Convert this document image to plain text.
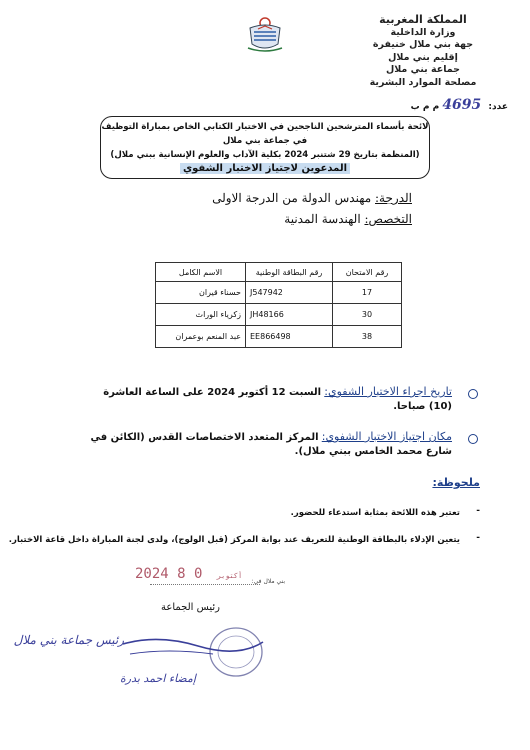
المملكة المغربية
وزارة الداخلية
جهة بني ملال خنيفرة
إقليم بني ملال
جماعة بني ملال
مصلحة الموارد البشرية
عدد: 4695 م م ب
لائحة بأسماء المترشحين الناجحين في الاختبار الكتابي الخاص بمباراة التوظيف في جماعة بني ملال
(المنظمة بتاريخ 29 شتنبر 2024 بكلية الآداب والعلوم الإنسانية ببني ملال)
المدعوين لاجتياز الاختبار الشفوي
الدرجة: مهندس الدولة من الدرجة الاولى
التخصص: الهندسة المدنية
رقم الامتحان	رقم البطاقة الوطنية	الاسم الكامل
17	J547942	حسناء قيران
30	JH48166	زكرياء الوراث
38	EE866498	عبد المنعم بوعمران
تاريخ اجراء الاختبار الشفوي: السبت 12 أكتوبر 2024 على الساعة العاشرة (10) صباحا.
مكان اجتياز الاختبار الشفوي: المركز المتعدد الاختصاصات القدس (الكائن في شارع محمد الخامس ببني ملال).
ملحوظة:
-
تعتبر هذه اللائحة بمثابة استدعاء للحضور.
-
يتعين الإدلاء بالبطاقة الوطنية للتعريف عند بوابة المركز (قبل الولوج)، ولدى لجنة المباراة داخل قاعة الاختبار.
بني ملال في:
2024	أكتوبر 0 8
رئيس الجماعة
رئيس جماعة بني ملال
إمضاء احمد بدرة
